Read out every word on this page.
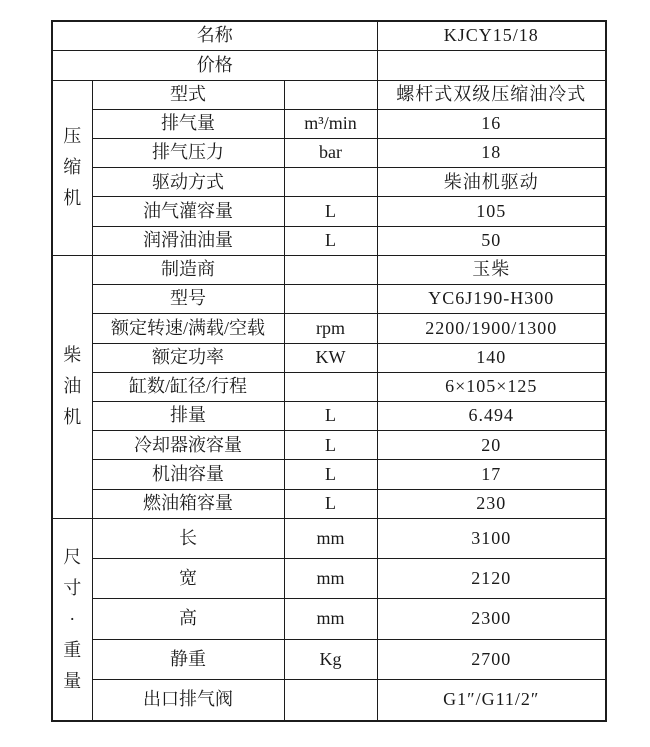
名称			KJCY15/18
价格			

压缩机	型式		螺杆式双级压缩油冷式
	排气量	m³/min	16
	排气压力	bar	18
	驱动方式		柴油机驱动
	油气灌容量	L	105
	润滑油油量	L	50

柴油机	制造商		玉柴
	型号		YC6J190-H300
	额定转速/满载/空载	rpm	2200/1900/1300
	额定功率	KW	140
	缸数/缸径/行程		6×105×125
	排量	L	6.494
	冷却器液容量	L	20
	机油容量	L	17
	燃油箱容量	L	230

尺寸·重量	长	mm	3100
	宽	mm	2120
	高	mm	2300
	静重	Kg	2700
	出口排气阀		G1″/G11/2″
